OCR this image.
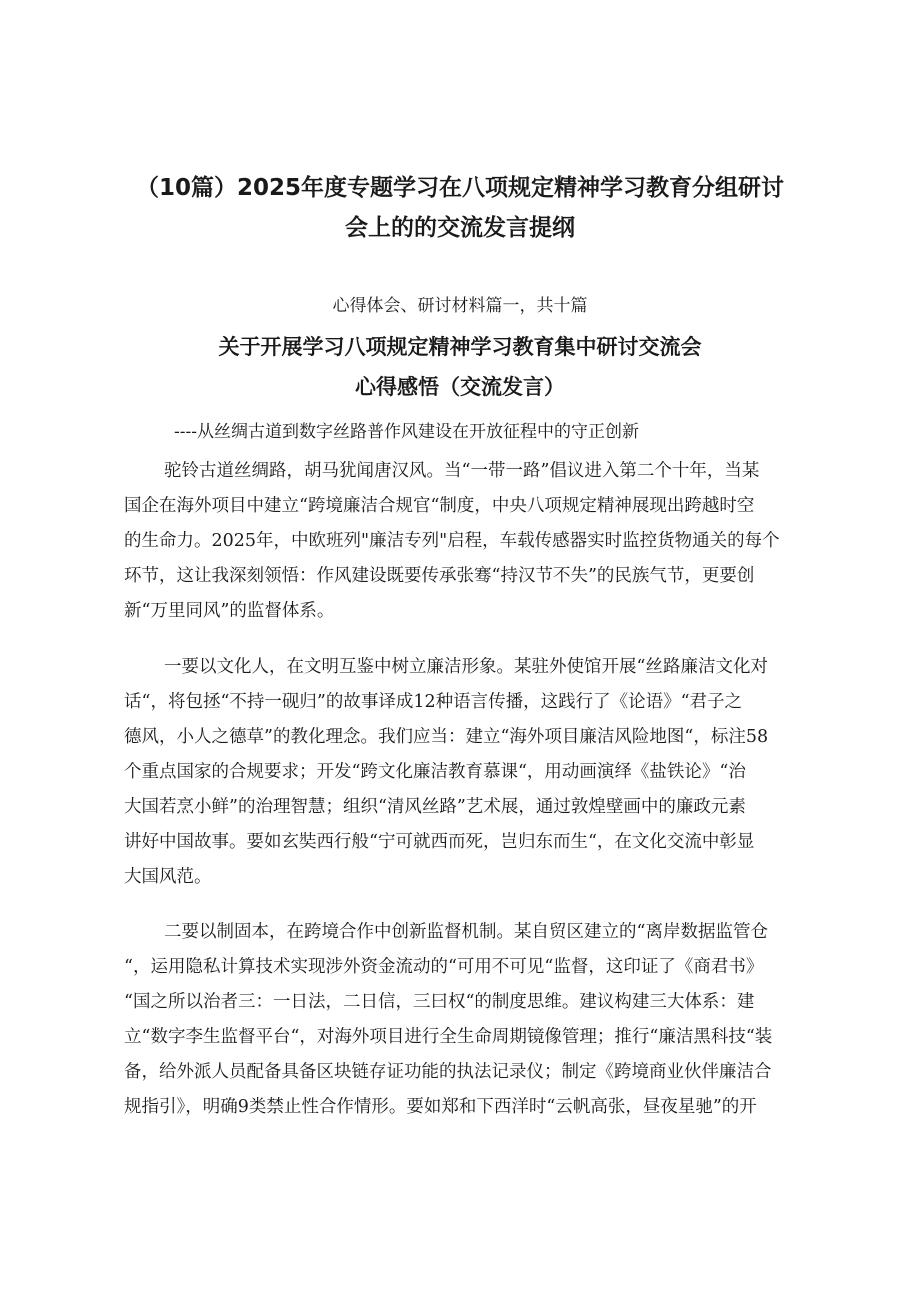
（10篇）2025年度专题学习在八项规定精神学习教育分组研讨
会上的的交流发言提纲
心得体会、研讨材料篇一，共十篇
关于开展学习八项规定精神学习教育集中研讨交流会
心得感悟（交流发言）
----从丝绸古道到数字丝路普作风建设在开放征程中的守正创新
驼铃古道丝绸路，胡马犹闻唐汉风。当“一带一路”倡议进入第二个十年，当某
国企在海外项目中建立“跨境廉洁合规官“制度，中央八项规定精神展现出跨越时空
的生命力。2025年，中欧班列"廉洁专列"启程，车载传感器实时监控货物通关的每个
环节，这让我深刻领悟：作风建设既要传承张骞“持汉节不失”的民族气节，更要创
新“万里同风”的监督体系。
一要以文化人，在文明互鉴中树立廉洁形象。某驻外使馆开展“丝路廉洁文化对
话“，将包拯“不持一砚归”的故事译成12种语言传播，这践行了《论语》“君子之
德风，小人之德草”的教化理念。我们应当：建立“海外项目廉洁风险地图“，标注58
个重点国家的合规要求；开发“跨文化廉洁教育慕课“，用动画演绎《盐铁论》“治
大国若烹小鲜”的治理智慧；组织“清风丝路”艺术展，通过敦煌壁画中的廉政元素
讲好中国故事。要如玄奘西行般“宁可就西而死，岂归东而生“，在文化交流中彰显
大国风范。
二要以制固本，在跨境合作中创新监督机制。某自贸区建立的“离岸数据监管仓
“，运用隐私计算技术实现涉外资金流动的“可用不可见“监督，这印证了《商君书》
“国之所以治者三：一日法，二日信，三曰权“的制度思维。建议构建三大体系：建
立“数字李生监督平台“，对海外项目进行全生命周期镜像管理；推行“廉洁黑科技“装
备，给外派人员配备具备区块链存证功能的执法记录仪；制定《跨境商业伙伴廉洁合
规指引》，明确9类禁止性合作情形。要如郑和下西洋时“云帆高张，昼夜星驰”的开
